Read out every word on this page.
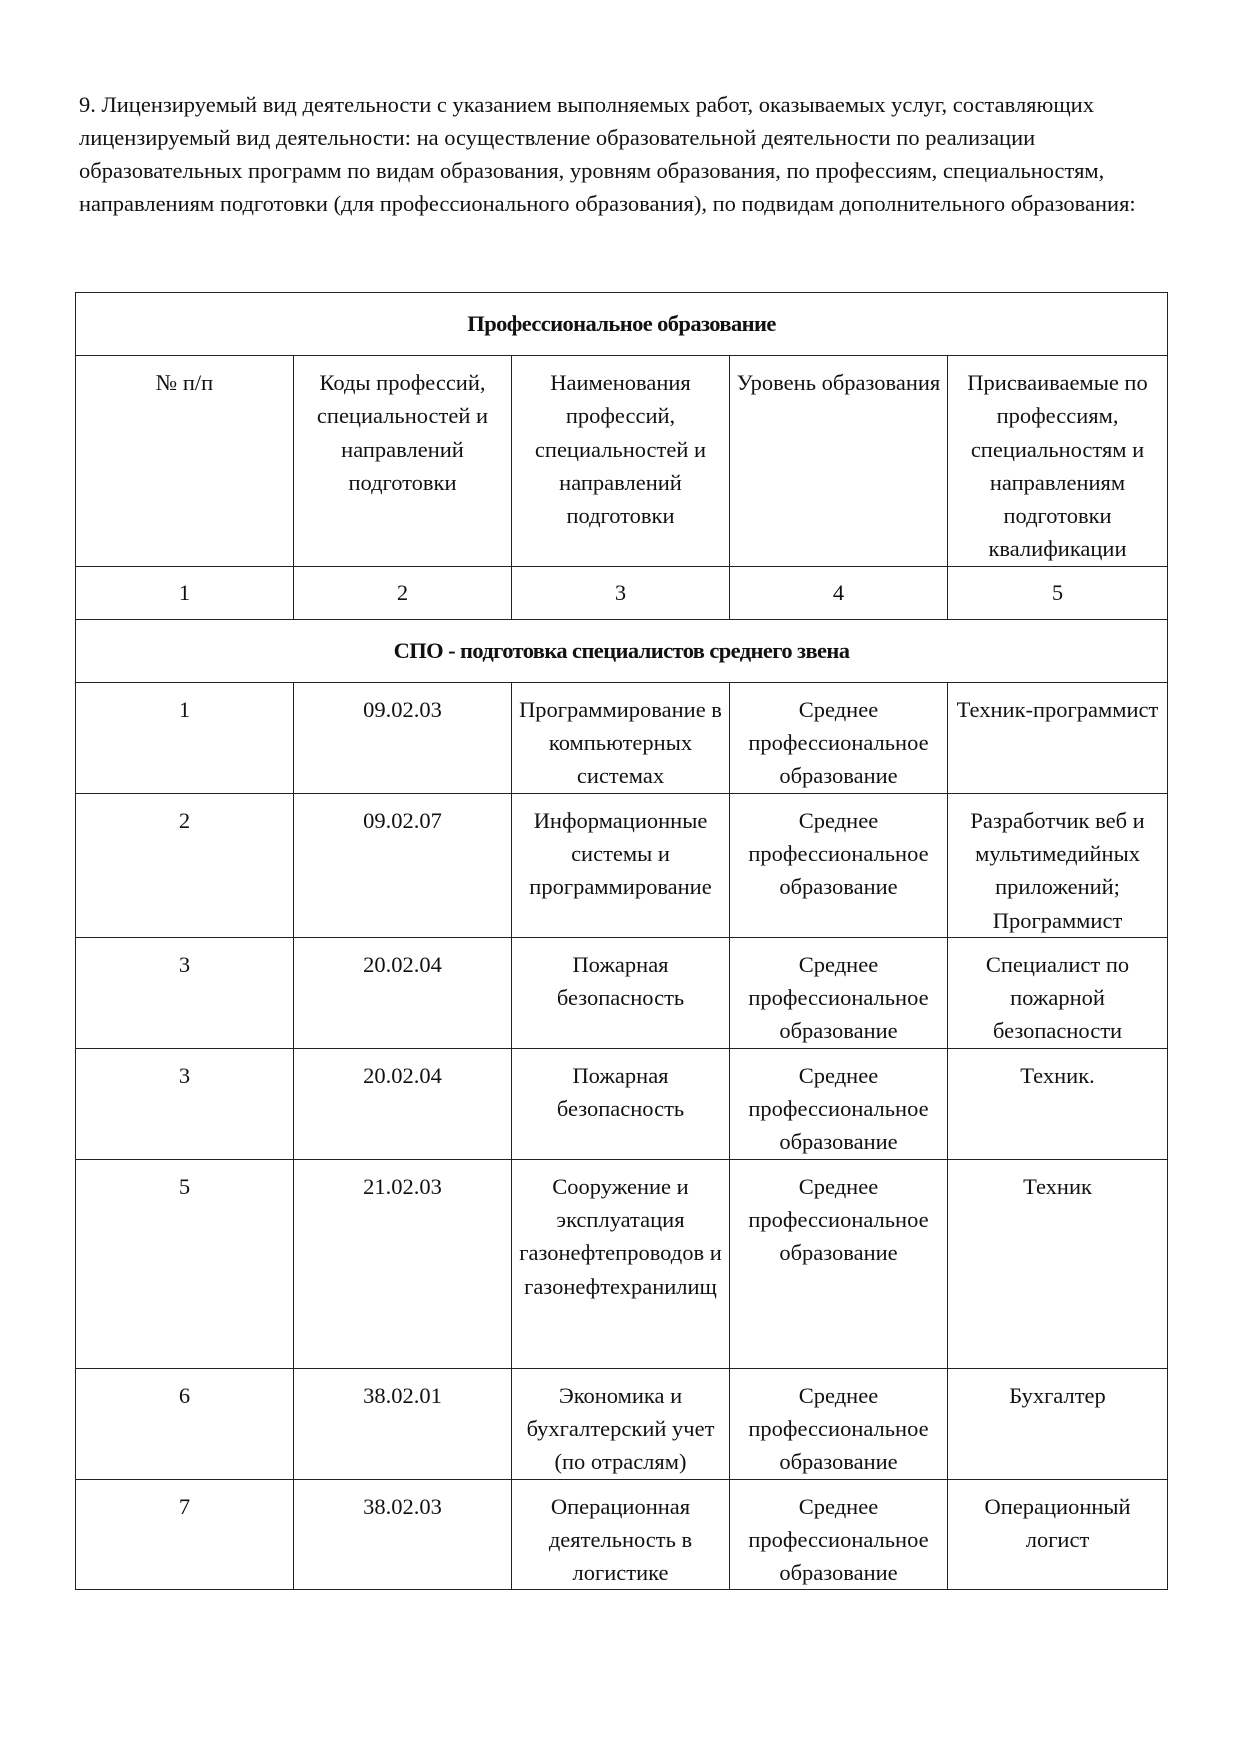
9. Лицензируемый вид деятельности с указанием выполняемых работ, оказываемых услуг, составляющих лицензируемый вид деятельности: на осуществление образовательной деятельности по реализации образовательных программ по видам образования, уровням образования, по профессиям, специальностям, направлениям подготовки (для профессионального образования), по подвидам дополнительного образования:

Профессиональное образование				
№ п/п	Коды профессий, специальностей и направлений подготовки	Наименования профессий, специальностей и направлений подготовки	Уровень образования	Присваиваемые по профессиям, специальностям и направлениям подготовки квалификации
1	2	3	4	5
СПО - подготовка специалистов среднего звена				
1	09.02.03	Программирование в компьютерных системах	Среднее профессиональное образование	Техник-программист
2	09.02.07	Информационные системы и программирование	Среднее профессиональное образование	Разработчик веб и мультимедийных приложений; Программист
3	20.02.04	Пожарная безопасность	Среднее профессиональное образование	Специалист по пожарной безопасности
3	20.02.04	Пожарная безопасность	Среднее профессиональное образование	Техник.
5	21.02.03	Сооружение и эксплуатация газонефтепроводов и газонефтехранилищ	Среднее профессиональное образование	Техник
6	38.02.01	Экономика и бухгалтерский учет (по отраслям)	Среднее профессиональное образование	Бухгалтер
7	38.02.03	Операционная деятельность в логистике	Среднее профессиональное образование	Операционный логист
